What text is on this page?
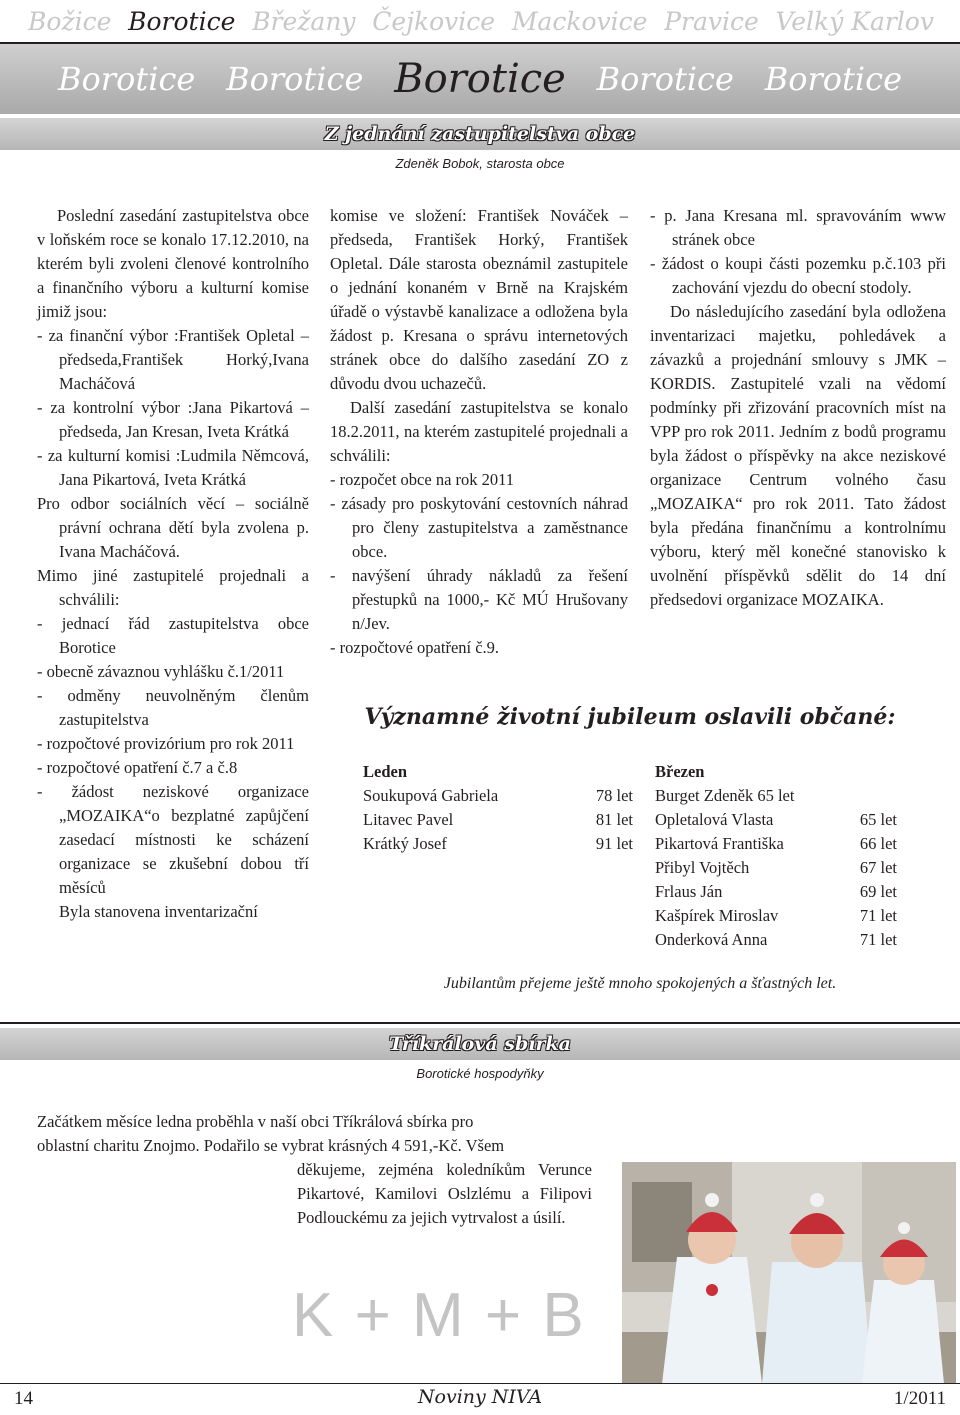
Božice Borotice Břežany Čejkovice Mackovice Pravice Velký Karlov
Borotice Borotice Borotice Borotice Borotice
Z jednání zastupitelstva obce
Zdeněk Bobok, starosta obce

Poslední zasedání zastupitelstva obce v loňském roce se konalo 17.12.2010, na kterém byli zvoleni členové kontrolního a finančního výboru a kulturní komise jimiž jsou:

- za finanční výbor :František Opletal – předseda,František Horký,Ivana Macháčová

- za kontrolní výbor :Jana Pikartová – předseda, Jan Kresan, Iveta Krátká

- za kulturní komisi :Ludmila Němcová, Jana Pikartová, Iveta Krátká

Pro odbor sociálních věcí – sociálně právní ochrana dětí byla zvolena p. Ivana Macháčová.

Mimo jiné zastupitelé projednali a schválili:

- jednací řád zastupitelstva obce Borotice

- obecně závaznou vyhlášku č.1/2011

- odměny neuvolněným členům zastupitelstva

- rozpočtové provizórium pro rok 2011

- rozpočtové opatření č.7 a č.8

- žádost neziskové organizace „MOZAIKA“o bezplatné zapůjčení zasedací místnosti ke scházení organizace se zkušební dobou tří měsíců

Byla stanovena inventarizační

komise ve složení: František Nováček – předseda, František Horký, František Opletal. Dále starosta obeznámil zastupitele o jednání konaném v Brně na Krajském úřadě o výstavbě kanalizace a odložena byla žádost p. Kresana o správu internetových stránek obce do dalšího zasedání ZO z důvodu dvou uchazečů.

Další zasedání zastupitelstva se konalo 18.2.2011, na kterém zastupitelé projednali a schválili:

- rozpočet obce na rok 2011

- zásady pro poskytování cestovních náhrad pro členy zastupitelstva a zaměstnance obce.

- navýšení úhrady nákladů za řešení přestupků na 1000,- Kč MÚ Hrušovany n/Jev.

- rozpočtové opatření č.9.

- p. Jana Kresana ml. spravováním www stránek obce

- žádost o koupi části pozemku p.č.103 při zachování vjezdu do obecní stodoly.

Do následujícího zasedání byla odložena inventarizaci majetku, pohledávek a závazků a projednání smlouvy s JMK – KORDIS. Zastupitelé vzali na vědomí podmínky při zřizování pracovních míst na VPP pro rok 2011. Jedním z bodů programu byla žádost o příspěvky na akce neziskové organizace Centrum volného času „MOZAIKA“ pro rok 2011. Tato žádost byla předána finančnímu a kontrolnímu výboru, který měl konečné stanovisko k uvolnění příspěvků sdělit do 14 dní předsedovi organizace MOZAIKA.

Významné životní jubileum oslavili občané:

Leden

Soukupová Gabriela	78 let
Litavec Pavel	81 let
Krátký Josef	91 let

Březen

Burget Zdeněk 65 let

Opletalová Vlasta	65 let
Pikartová Františka	66 let
Přibyl Vojtěch	67 let
Frlaus Ján	69 let
Kašpírek Miroslav	71 let
Onderková Anna	71 let
Jubilantům přejeme ještě mnoho spokojených a šťastných let.
Tříkrálová sbírka
Borotické hospodyňky

Začátkem měsíce ledna proběhla v naší obci Tříkrálová sbírka pro

oblastní charitu Znojmo. Podařilo se vybrat krásných 4 591,-Kč. Všem

děkujeme, zejména koledníkům Verunce Pikartové, Kamilovi Oslzlému a Filipovi Podlouckému za jejich vytrvalost a úsilí.

K + M + B
14	Noviny NIVA	1/2011
